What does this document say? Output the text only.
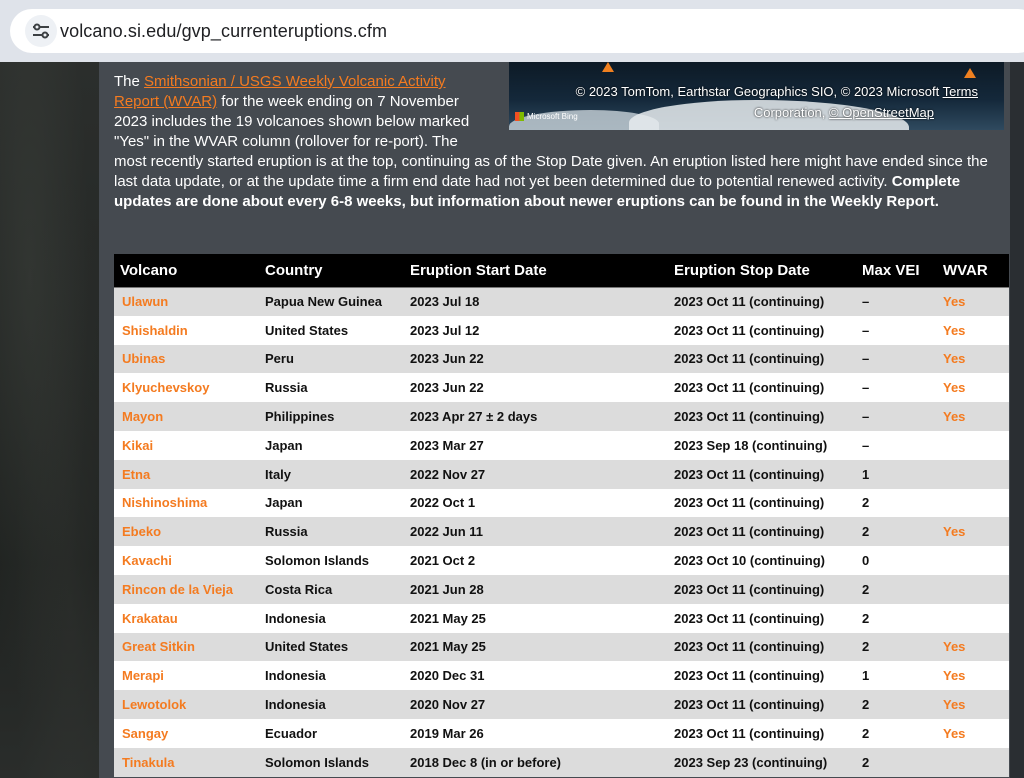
volcano.si.edu/gvp_currenteruptions.cfm
© 2023 TomTom, Earthstar Geographics SIO, © 2023 Microsoft Terms
Corporation, © OpenStreetMap
Microsoft Bing
The Smithsonian / USGS Weekly Volcanic Activity Report (WVAR) for the week ending on 7 November 2023 includes the 19 volcanoes shown below marked "Yes" in the WVAR column (rollover for re-port). The most recently started eruption is at the top, continuing as of the Stop Date given. An eruption listed here might have ended since the last data update, or at the update time a firm end date had not yet been determined due to potential renewed activity. Complete updates are done about every 6-8 weeks, but information about newer eruptions can be found in the Weekly Report.
Volcano	Country	Eruption Start Date	Eruption Stop Date	Max VEI	WVAR
Ulawun	Papua New Guinea	2023 Jul 18	2023 Oct 11 (continuing)	–	Yes
Shishaldin	United States	2023 Jul 12	2023 Oct 11 (continuing)	–	Yes
Ubinas	Peru	2023 Jun 22	2023 Oct 11 (continuing)	–	Yes
Klyuchevskoy	Russia	2023 Jun 22	2023 Oct 11 (continuing)	–	Yes
Mayon	Philippines	2023 Apr 27 ± 2 days	2023 Oct 11 (continuing)	–	Yes
Kikai	Japan	2023 Mar 27	2023 Sep 18 (continuing)	–	
Etna	Italy	2022 Nov 27	2023 Oct 11 (continuing)	1	
Nishinoshima	Japan	2022 Oct 1	2023 Oct 11 (continuing)	2	
Ebeko	Russia	2022 Jun 11	2023 Oct 11 (continuing)	2	Yes
Kavachi	Solomon Islands	2021 Oct 2	2023 Oct 10 (continuing)	0	
Rincon de la Vieja	Costa Rica	2021 Jun 28	2023 Oct 11 (continuing)	2	
Krakatau	Indonesia	2021 May 25	2023 Oct 11 (continuing)	2	
Great Sitkin	United States	2021 May 25	2023 Oct 11 (continuing)	2	Yes
Merapi	Indonesia	2020 Dec 31	2023 Oct 11 (continuing)	1	Yes
Lewotolok	Indonesia	2020 Nov 27	2023 Oct 11 (continuing)	2	Yes
Sangay	Ecuador	2019 Mar 26	2023 Oct 11 (continuing)	2	Yes
Tinakula	Solomon Islands	2018 Dec 8 (in or before)	2023 Sep 23 (continuing)	2	
